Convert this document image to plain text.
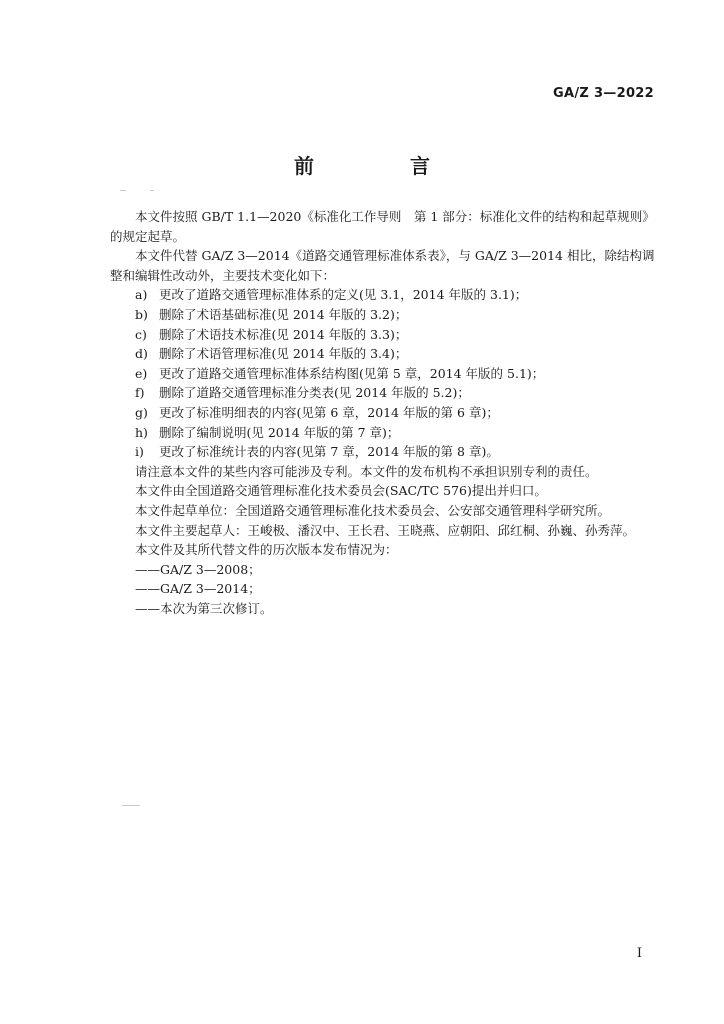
GA/Z 3—2022
前　言

本文件按照 GB/T 1.1—2020《标准化工作导则　第 1 部分：标准化文件的结构和起草规则》的规定起草。

本文件代替 GA/Z 3—2014《道路交通管理标准体系表》，与 GA/Z 3—2014 相比，除结构调整和编辑性改动外，主要技术变化如下：

a) 更改了道路交通管理标准体系的定义(见 3.1，2014 年版的 3.1)；
b) 删除了术语基础标准(见 2014 年版的 3.2)；
c) 删除了术语技术标准(见 2014 年版的 3.3)；
d) 删除了术语管理标准(见 2014 年版的 3.4)；
e) 更改了道路交通管理标准体系结构图(见第 5 章，2014 年版的 5.1)；
f)	删除了道路交通管理标准分类表(见 2014 年版的 5.2)；
g) 更改了标准明细表的内容(见第 6 章，2014 年版的第 6 章)；
h) 删除了编制说明(见 2014 年版的第 7 章)；
i)	更改了标准统计表的内容(见第 7 章，2014 年版的第 8 章)。

请注意本文件的某些内容可能涉及专利。本文件的发布机构不承担识别专利的责任。

本文件由全国道路交通管理标准化技术委员会(SAC/TC 576)提出并归口。

本文件起草单位：全国道路交通管理标准化技术委员会、公安部交通管理科学研究所。

本文件主要起草人：王峻极、潘汉中、王长君、王晓燕、应朝阳、邱红桐、孙巍、孙秀萍。

本文件及其所代替文件的历次版本发布情况为：

——GA/Z 3—2008；
——GA/Z 3—2014；
——本次为第三次修订。
I
